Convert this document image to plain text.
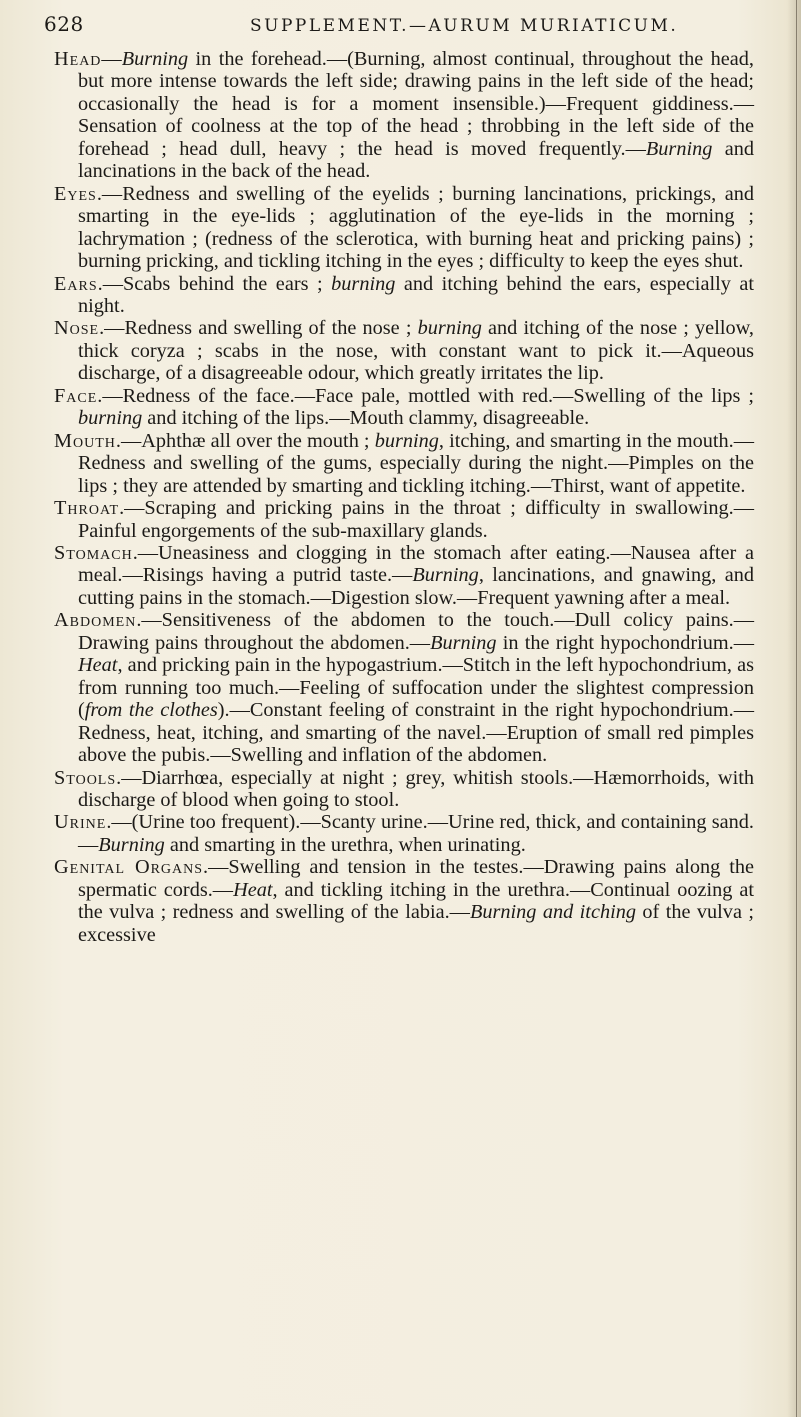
628	SUPPLEMENT.—AURUM MURIATICUM.

Head—Burning in the forehead.—(Burning, almost continual, throughout the head, but more intense towards the left side; drawing pains in the left side of the head; occasionally the head is for a moment insensible.)—Frequent giddiness.—Sensation of coolness at the top of the head ; throbbing in the left side of the forehead ; head dull, heavy ; the head is moved frequently.—Burning and lancinations in the back of the head.

Eyes.—Redness and swelling of the eyelids ; burning lancinations, prickings, and smarting in the eye-lids ; agglutination of the eye-lids in the morning ; lachrymation ; (redness of the sclerotica, with burning heat and pricking pains) ; burning pricking, and tickling itching in the eyes ; difficulty to keep the eyes shut.

Ears.—Scabs behind the ears ; burning and itching behind the ears, especially at night.

Nose.—Redness and swelling of the nose ; burning and itching of the nose ; yellow, thick coryza ; scabs in the nose, with constant want to pick it.—Aqueous discharge, of a disagreeable odour, which greatly irritates the lip.

Face.—Redness of the face.—Face pale, mottled with red.—Swelling of the lips ; burning and itching of the lips.—Mouth clammy, disagreeable.

Mouth.—Aphthæ all over the mouth ; burning, itching, and smarting in the mouth.—Redness and swelling of the gums, especially during the night.—Pimples on the lips ; they are attended by smarting and tickling itching.—Thirst, want of appetite.

Throat.—Scraping and pricking pains in the throat ; difficulty in swallowing.—Painful engorgements of the sub-maxillary glands.

Stomach.—Uneasiness and clogging in the stomach after eating.—Nausea after a meal.—Risings having a putrid taste.—Burning, lancinations, and gnawing, and cutting pains in the stomach.—Digestion slow.—Frequent yawning after a meal.

Abdomen.—Sensitiveness of the abdomen to the touch.—Dull colicy pains.—Drawing pains throughout the abdomen.—Burning in the right hypochondrium.—Heat, and pricking pain in the hypogastrium.—Stitch in the left hypochondrium, as from running too much.—Feeling of suffocation under the slightest compression (from the clothes).—Constant feeling of constraint in the right hypochondrium.—Redness, heat, itching, and smarting of the navel.—Eruption of small red pimples above the pubis.—Swelling and inflation of the abdomen.

Stools.—Diarrhœa, especially at night ; grey, whitish stools.—Hæmorrhoids, with discharge of blood when going to stool.

Urine.—(Urine too frequent).—Scanty urine.—Urine red, thick, and containing sand.—Burning and smarting in the urethra, when urinating.

Genital Organs.—Swelling and tension in the testes.—Drawing pains along the spermatic cords.—Heat, and tickling itching in the urethra.—Continual oozing at the vulva ; redness and swelling of the labia.—Burning and itching of the vulva ; excessive
